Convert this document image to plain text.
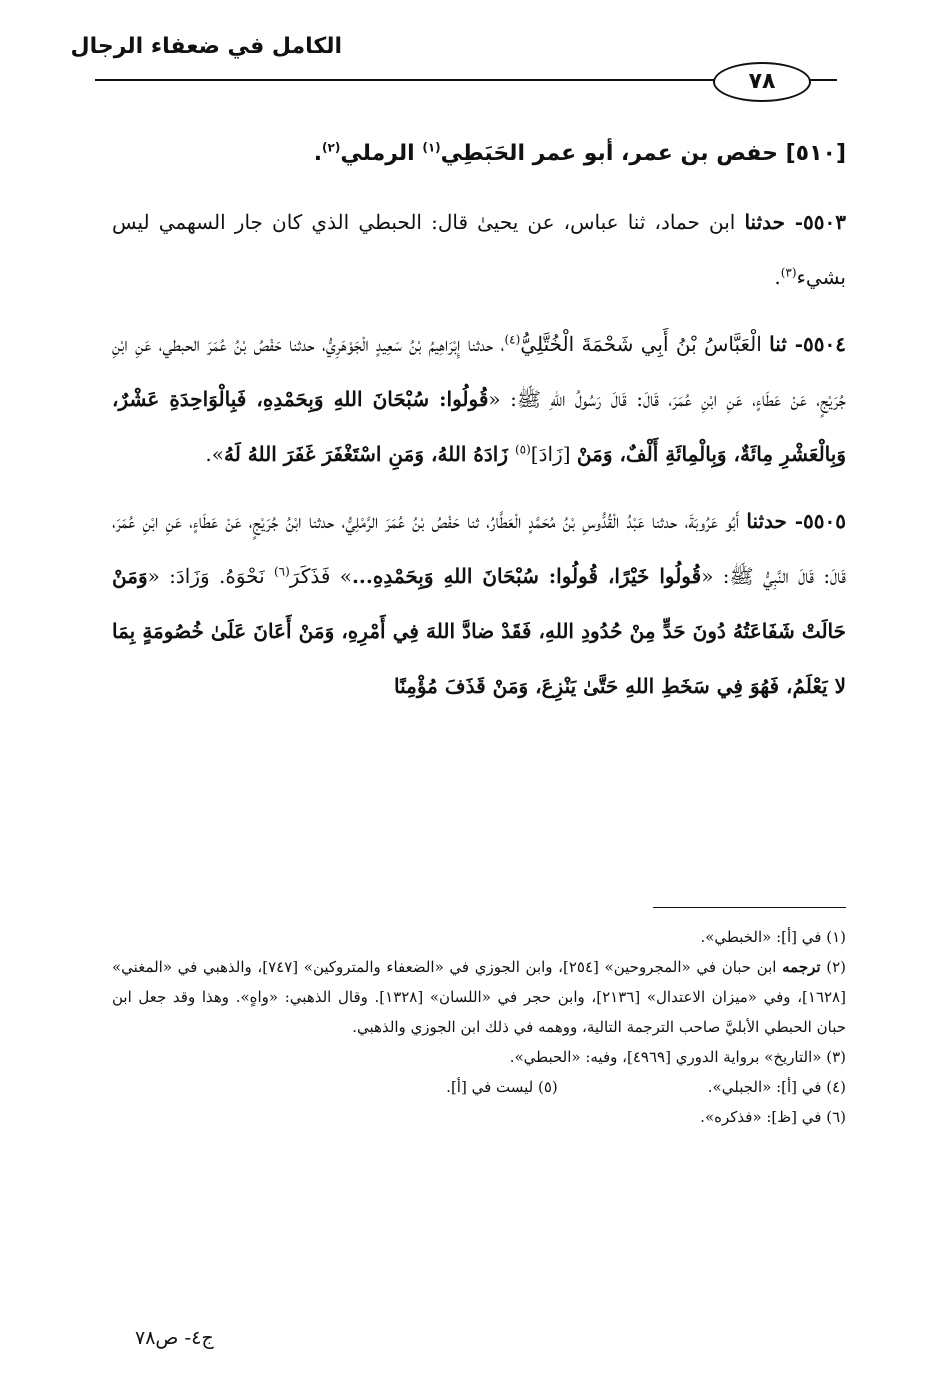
الكامل في ضعفاء الرجال
٧٨
[٥١٠] حفص بن عمر، أبو عمر الحَبَطِي$^{(١)}$ الرملي$^{(٢)}$.

٥٥٠٣- حدثنا ابن حماد، ثنا عباس، عن يحيىٰ قال: الحبطي الذي كان جار السهمي ليس بشيء$^{(٣)}$.

٥٥٠٤- ثنا الْعَبَّاسُ بْنُ أَبِي شَحْمَةَ الْخُتَّلِيُّ$^{(٤)}$، حدثنا إِبْرَاهِيمُ بْنُ سَعِيدٍ الْجَوْهَرِيُّ، حدثنا حَفْصُ بْنُ عُمَرَ الحبطي، عَنِ ابْنِ جُرَيْجٍ، عَنْ عَطَاءٍ، عَنِ ابْنِ عُمَرَ، قَالَ: قَالَ رَسُولُ اللهِ ﷺ: «قُولُوا: سُبْحَانَ اللهِ وَبِحَمْدِهِ، فَبِالْوَاحِدَةِ عَشْرٌ، وَبِالْعَشْرِ مِائَةٌ، وَبِالْمِائَةِ أَلْفٌ، وَمَنْ [زَادَ]$^{(٥)}$ زَادَهُ اللهُ، وَمَنِ اسْتَغْفَرَ غَفَرَ اللهُ لَهُ».

٥٥٠٥- حدثنا أَبُو عَرُوبَةَ، حدثنا عَبْدُ الْقُدُّوسِ بْنُ مُحَمَّدٍ الْعَطَّارُ، ثنا حَفْصُ بْنُ عُمَرَ الرَّمْلِيُّ، حدثنا ابْنُ جُرَيْجٍ، عَنْ عَطَاءٍ، عَنِ ابْنِ عُمَرَ، قَالَ: قَالَ النَّبِيُّ ﷺ: «قُولُوا خَيْرًا، قُولُوا: سُبْحَانَ اللهِ وَبِحَمْدِهِ...» فَذَكَرَ$^{(٦)}$ نَحْوَهُ. وَزَادَ: «وَمَنْ حَالَتْ شَفَاعَتُهُ دُونَ حَدٍّ مِنْ حُدُودِ اللهِ، فَقَدْ ضادَّ اللهَ فِي أَمْرِهِ، وَمَنْ أَعَانَ عَلَىٰ خُصُومَةٍ بِمَا لا يَعْلَمُ، فَهُوَ فِي سَخَطِ اللهِ حَتَّىٰ يَنْزِعَ، وَمَنْ قَذَفَ مُؤْمِنًا

(١) في [أ]: «الخبطي».

(٢) ترجمه ابن حبان في «المجروحين» [٢٥٤]، وابن الجوزي في «الضعفاء والمتروكين» [٧٤٧]، والذهبي في «المغني» [١٦٢٨]، وفي «ميزان الاعتدال» [٢١٣٦]، وابن حجر في «اللسان» [١٣٢٨]. وقال الذهبي: «واهٍ». وهذا وقد جعل ابن حبان الحبطي الأبليَّ صاحب الترجمة التالية، ووهمه في ذلك ابن الجوزي والذهبي.

(٣) «التاريخ» برواية الدوري [٤٩٦٩]، وفيه: «الحبطي».

(٤) في [أ]: «الجبلي».
(٥) ليست في [أ].

(٦) في [ظ]: «فذكره».

ج٤- ص٧٨
